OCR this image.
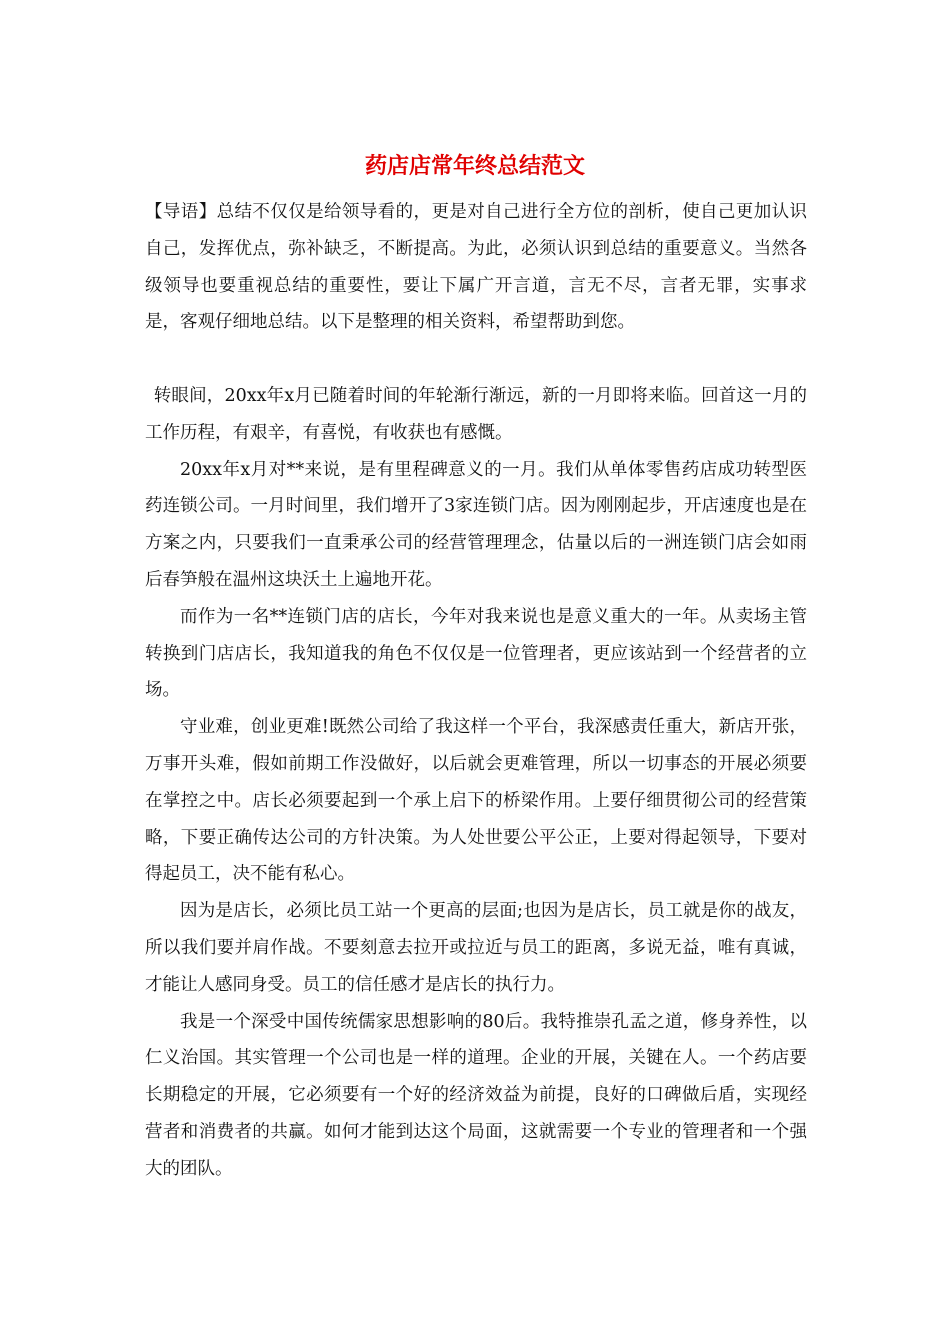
药店店常年终总结范文

【导语】总结不仅仅是给领导看的，更是对自己进行全方位的剖析，使自己更加认识自己，发挥优点，弥补缺乏，不断提高。为此，必须认识到总结的重要意义。当然各级领导也要重视总结的重要性，要让下属广开言道，言无不尽，言者无罪，实事求是，客观仔细地总结。以下是整理的相关资料，希望帮助到您。

转眼间，20xx年x月已随着时间的年轮渐行渐远，新的一月即将来临。回首这一月的工作历程，有艰辛，有喜悦，有收获也有感慨。

20xx年x月对**来说，是有里程碑意义的一月。我们从单体零售药店成功转型医药连锁公司。一月时间里，我们增开了3家连锁门店。因为刚刚起步，开店速度也是在方案之内，只要我们一直秉承公司的经营管理理念，估量以后的一洲连锁门店会如雨后春笋般在温州这块沃土上遍地开花。

而作为一名**连锁门店的店长，今年对我来说也是意义重大的一年。从卖场主管转换到门店店长，我知道我的角色不仅仅是一位管理者，更应该站到一个经营者的立场。

守业难，创业更难!既然公司给了我这样一个平台，我深感责任重大，新店开张，万事开头难，假如前期工作没做好，以后就会更难管理，所以一切事态的开展必须要在掌控之中。店长必须要起到一个承上启下的桥梁作用。上要仔细贯彻公司的经营策略，下要正确传达公司的方针决策。为人处世要公平公正，上要对得起领导，下要对得起员工，决不能有私心。

因为是店长，必须比员工站一个更高的层面;也因为是店长，员工就是你的战友，所以我们要并肩作战。不要刻意去拉开或拉近与员工的距离，多说无益，唯有真诚，才能让人感同身受。员工的信任感才是店长的执行力。

我是一个深受中国传统儒家思想影响的80后。我特推崇孔孟之道，修身养性，以仁义治国。其实管理一个公司也是一样的道理。企业的开展，关键在人。一个药店要长期稳定的开展，它必须要有一个好的经济效益为前提，良好的口碑做后盾，实现经营者和消费者的共赢。如何才能到达这个局面，这就需要一个专业的管理者和一个强大的团队。
